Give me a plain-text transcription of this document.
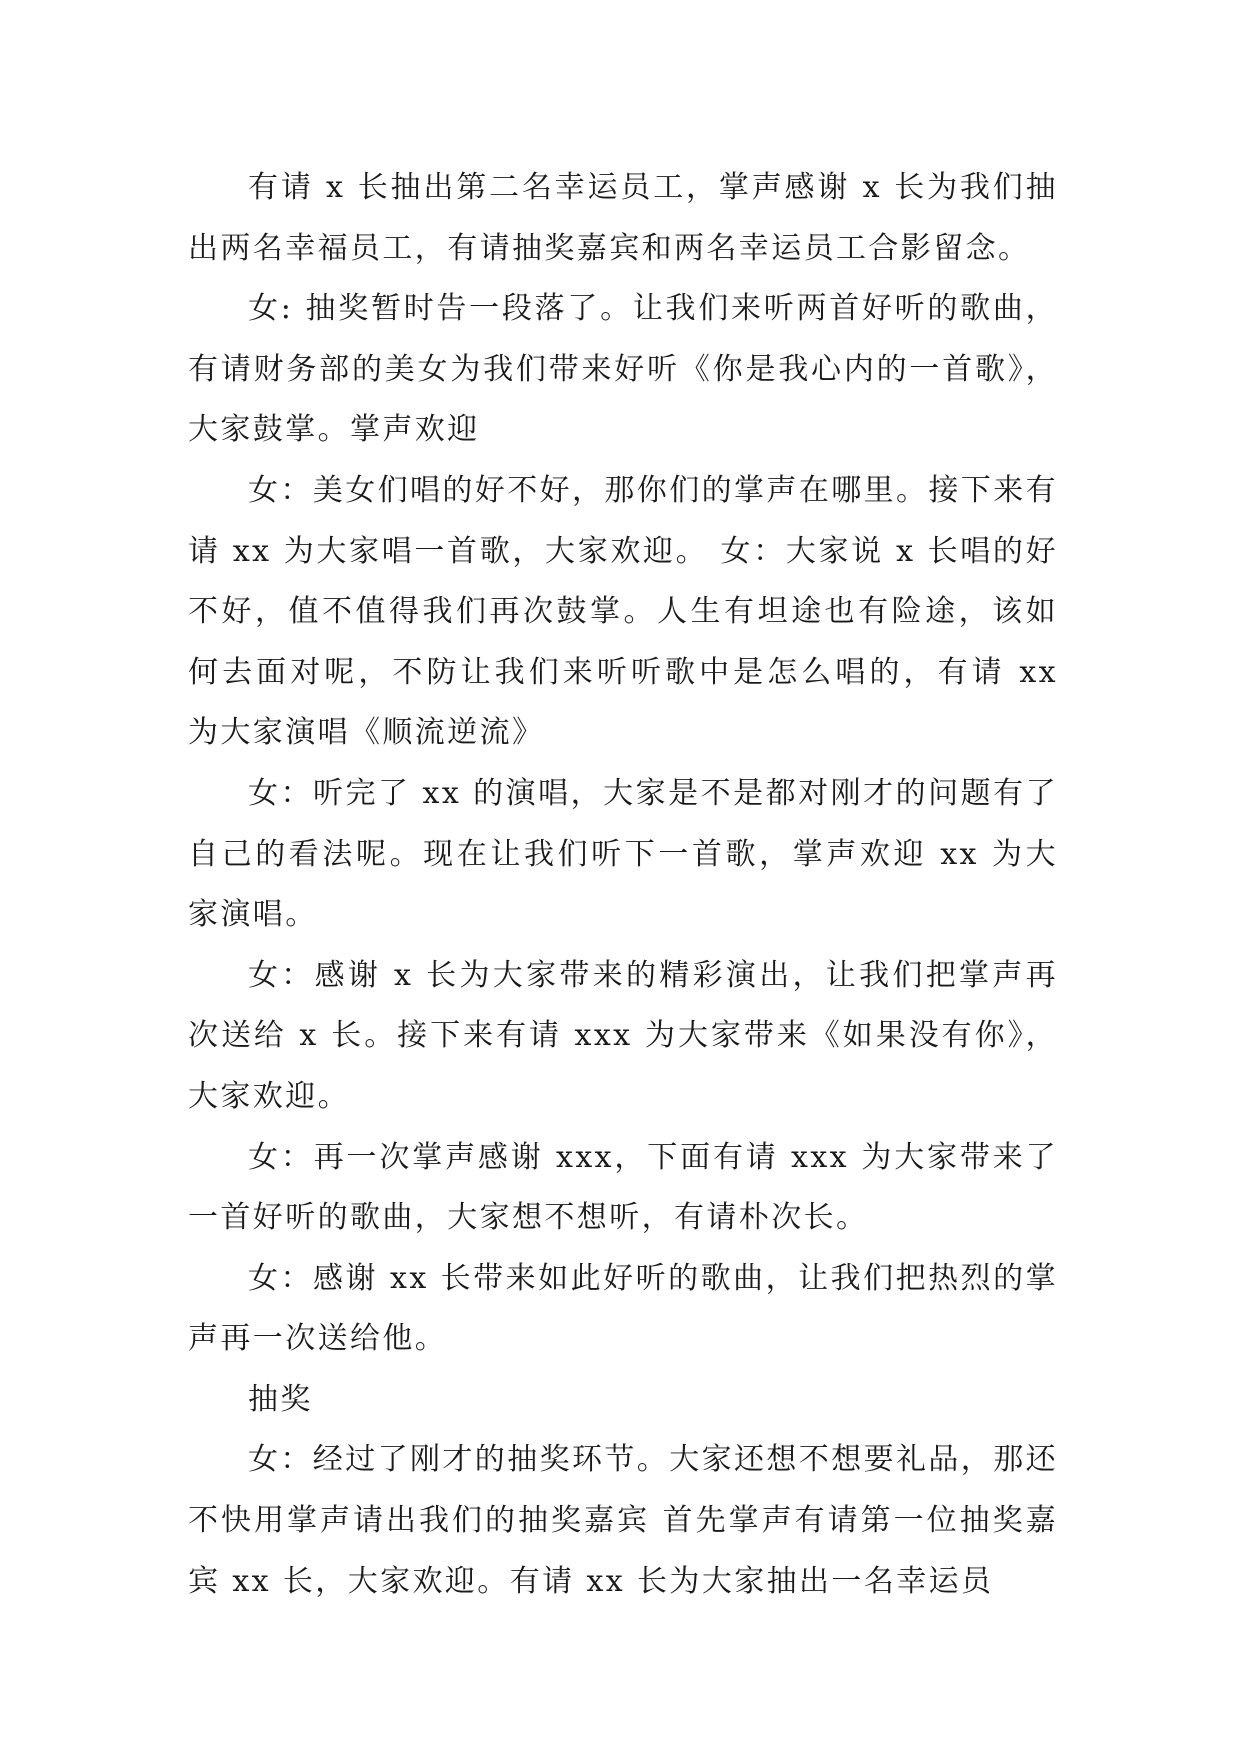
有请 x 长抽出第二名幸运员工，掌声感谢 x 长为我们抽出两名幸福员工，有请抽奖嘉宾和两名幸运员工合影留念。

女: 抽奖暂时告一段落了。让我们来听两首好听的歌曲，有请财务部的美女为我们带来好听《你是我心内的一首歌》，大家鼓掌。掌声欢迎

女：美女们唱的好不好，那你们的掌声在哪里。接下来有请 xx 为大家唱一首歌，大家欢迎。 女：大家说 x 长唱的好不好，值不值得我们再次鼓掌。人生有坦途也有险途，该如何去面对呢，不防让我们来听听歌中是怎么唱的，有请 xx 为大家演唱《顺流逆流》

女：听完了 xx 的演唱，大家是不是都对刚才的问题有了自己的看法呢。现在让我们听下一首歌，掌声欢迎 xx 为大家演唱。

女：感谢 x 长为大家带来的精彩演出，让我们把掌声再次送给 x 长。接下来有请 xxx 为大家带来《如果没有你》，大家欢迎。

女：再一次掌声感谢 xxx，下面有请 xxx 为大家带来了一首好听的歌曲，大家想不想听，有请朴次长。

女：感谢 xx 长带来如此好听的歌曲，让我们把热烈的掌声再一次送给他。

抽奖

女：经过了刚才的抽奖环节。大家还想不想要礼品，那还不快用掌声请出我们的抽奖嘉宾 首先掌声有请第一位抽奖嘉宾 xx 长，大家欢迎。有请 xx 长为大家抽出一名幸运员
